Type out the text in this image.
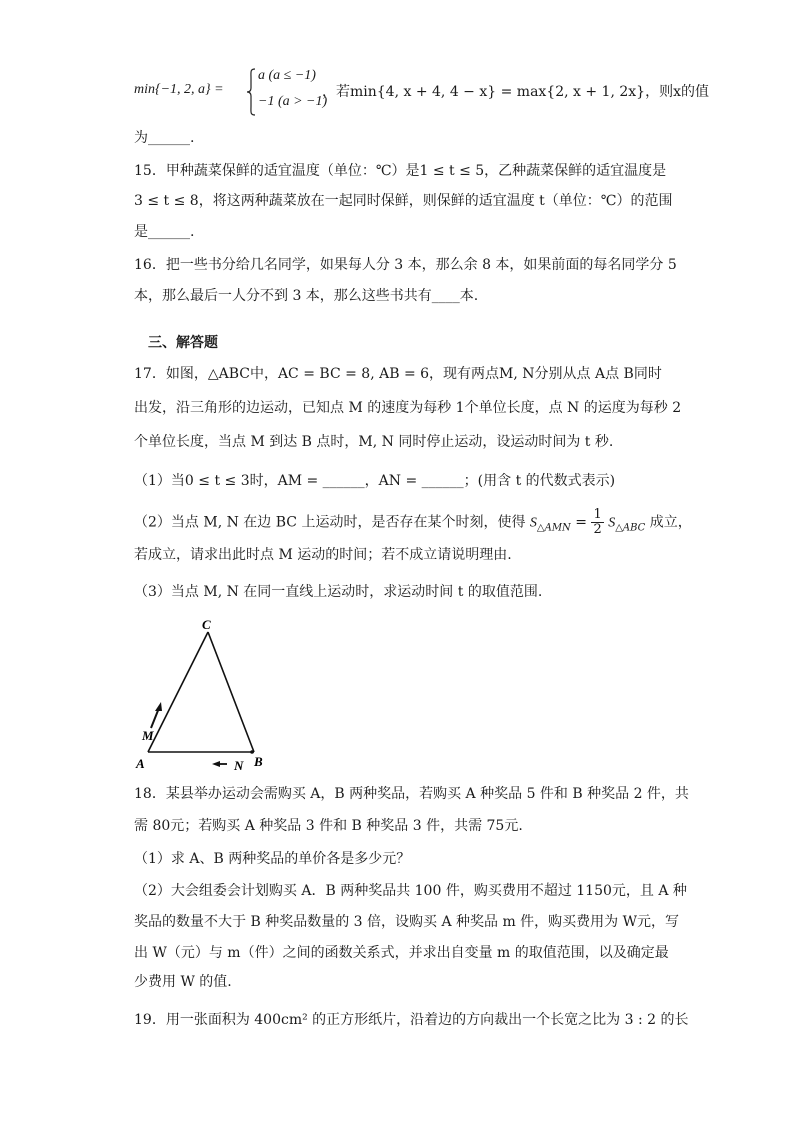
min{−1, 2, a} =
a (a ≤ −1)
−1 (a > −1)
，若min{4, x + 4, 4 − x} = max{2, x + 1, 2x}，则x的值
为______.
15．甲种蔬菜保鲜的适宜温度（单位：℃）是1 ≤ t ≤ 5，乙种蔬菜保鲜的适宜温度是
3 ≤ t ≤ 8，将这两种蔬菜放在一起同时保鲜，则保鲜的适宜温度 t（单位：℃）的范围
是______.
16．把一些书分给几名同学，如果每人分 3 本，那么余 8 本，如果前面的每名同学分 5
本，那么最后一人分不到 3 本，那么这些书共有____本.
三、解答题
17．如图，△ABC中，AC = BC = 8, AB = 6，现有两点M, N分别从点 A点 B同时
出发，沿三角形的边运动，已知点 M 的速度为每秒 1个单位长度，点 N 的运度为每秒 2
个单位长度，当点 M 到达 B 点时，M, N 同时停止运动，设运动时间为 t 秒.
（1）当0 ≤ t ≤ 3时，AM = ______，AN = ______；(用含 t 的代数式表示)
（2）当点 M, N 在边 BC 上运动时，是否存在某个时刻，使得 $S_{\triangle AMN} = \frac{1}{2} S_{\triangle ABC}$ 成立，
若成立，请求出此时点 M 运动的时间；若不成立请说明理由.
（3）当点 M, N 在同一直线上运动时，求运动时间 t 的取值范围.
C
M
A	B
N
18．某县举办运动会需购买 A，B 两种奖品，若购买 A 种奖品 5 件和 B 种奖品 2 件，共
需 80元；若购买 A 种奖品 3 件和 B 种奖品 3 件，共需 75元.
（1）求 A、B 两种奖品的单价各是多少元？
（2）大会组委会计划购买 A．B 两种奖品共 100 件，购买费用不超过 1150元，且 A 种
奖品的数量不大于 B 种奖品数量的 3 倍，设购买 A 种奖品 m 件，购买费用为 W元，写
出 W（元）与 m（件）之间的函数关系式，并求出自变量 m 的取值范围，以及确定最
少费用 W 的值.
19．用一张面积为 400cm² 的正方形纸片，沿着边的方向裁出一个长宽之比为 3 : 2 的长
